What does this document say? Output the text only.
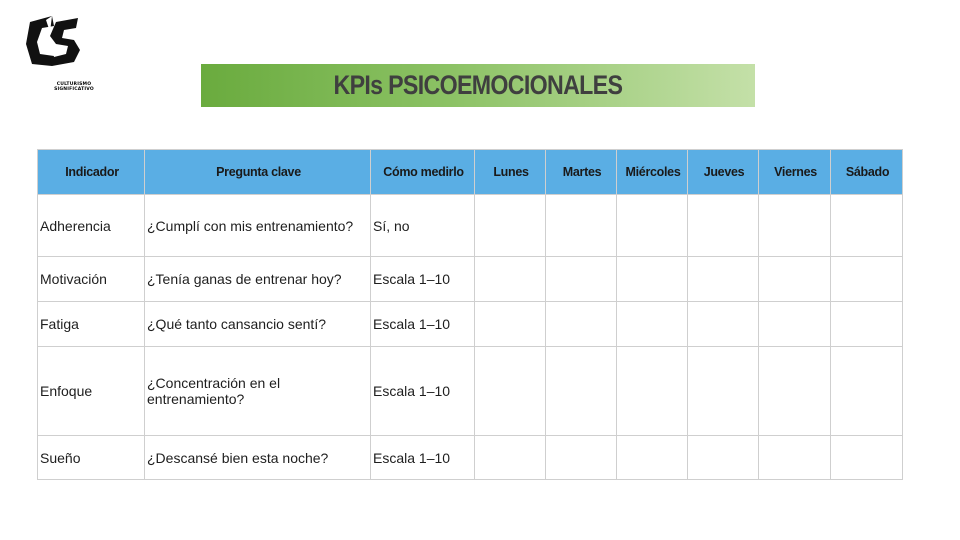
CULTURISMO
SIGNIFICATIVO	KPIs PSICOEMOCIONALES
Indicador	Pregunta clave	Cómo medirlo	Lunes	Martes	Miércoles	Jueves	Viernes	Sábado
Adherencia	¿Cumplí con mis entrenamiento?	Sí, no						
Motivación	¿Tenía ganas de entrenar hoy?	Escala 1–10						
Fatiga	¿Qué tanto cansancio sentí?	Escala 1–10						
Enfoque	¿Concentración en el entrenamiento?	Escala 1–10						
Sueño	¿Descansé bien esta noche?	Escala 1–10						
